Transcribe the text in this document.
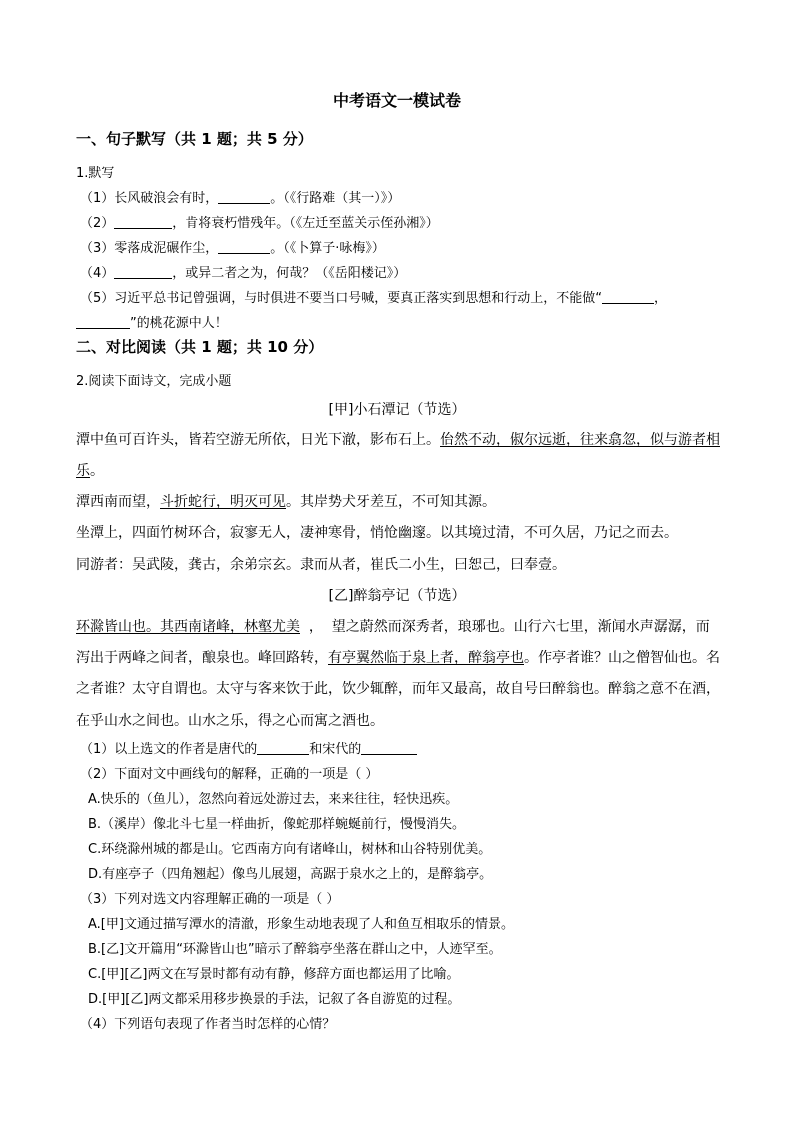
中考语文一模试卷
一、句子默写（共 1 题；共 5 分）
1.默写
（1）长风破浪会有时，	。（《行路难（其一）》）
（2）	，肯将衰朽惜残年。（《左迁至蓝关示侄孙湘》）
（3）零落成泥碾作尘，	。（《卜算子·咏梅》）
（4）	，或异二者之为，何哉？（《岳阳楼记》）
（5）习近平总书记曾强调，与时俱进不要当口号喊，要真正落实到思想和行动上，不能做“	，
”的桃花源中人！
二、对比阅读（共 1 题；共 10 分）
2.阅读下面诗文，完成小题
[甲]小石潭记（节选）
潭中鱼可百许头，皆若空游无所依，日光下澈，影布石上。佁然不动，俶尔远逝，往来翕忽，似与游者相
乐。
潭西南而望，斗折蛇行，明灭可见。其岸势犬牙差互，不可知其源。
坐潭上，四面竹树环合，寂寥无人，凄神寒骨，悄怆幽邃。以其境过清，不可久居，乃记之而去。
同游者：吴武陵，龚古，余弟宗玄。隶而从者，崔氏二小生，曰恕己，曰奉壹。
[乙]醉翁亭记（节选）
环滁皆山也。其西南诸峰，林壑尤美  ，  望之蔚然而深秀者，琅琊也。山行六七里，渐闻水声潺潺，而
泻出于两峰之间者，酿泉也。峰回路转，有亭翼然临于泉上者，醉翁亭也。作亭者谁？山之僧智仙也。名
之者谁？太守自谓也。太守与客来饮于此，饮少辄醉，而年又最高，故自号曰醉翁也。醉翁之意不在酒，
在乎山水之间也。山水之乐，得之心而寓之酒也。
（1）以上选文的作者是唐代的	和宋代的
（2）下面对文中画线句的解释，正确的一项是（ ）
A.快乐的（鱼儿），忽然向着远处游过去，来来往往，轻快迅疾。
B.（溪岸）像北斗七星一样曲折，像蛇那样蜿蜒前行，慢慢消失。
C.环绕滁州城的都是山。它西南方向有诸峰山，树林和山谷特别优美。
D.有座亭子（四角翘起）像鸟儿展翅，高踞于泉水之上的，是醉翁亭。
（3）下列对选文内容理解正确的一项是（ ）
A.[甲]文通过描写潭水的清澈，形象生动地表现了人和鱼互相取乐的情景。
B.[乙]文开篇用“环滁皆山也”暗示了醉翁亭坐落在群山之中，人迹罕至。
C.[甲][乙]两文在写景时都有动有静，修辞方面也都运用了比喻。
D.[甲][乙]两文都采用移步换景的手法，记叙了各自游览的过程。
（4）下列语句表现了作者当时怎样的心情？
